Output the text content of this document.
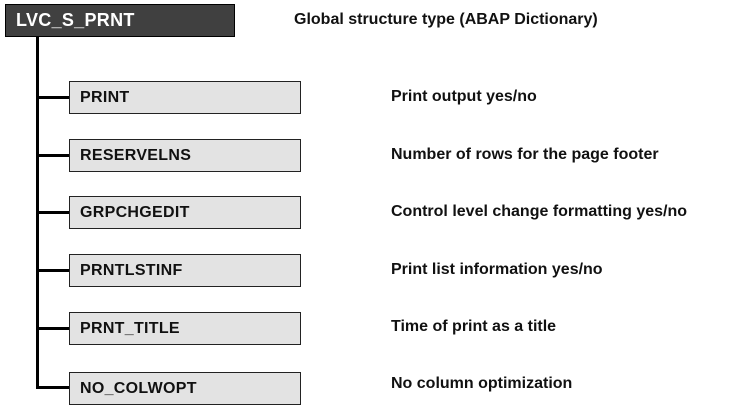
LVC_S_PRNT	Global structure type (ABAP Dictionary)
PRINT	Print output yes/no
RESERVELNS	Number of rows for the page footer
GRPCHGEDIT	Control level change formatting yes/no
PRNTLSTINF	Print list information yes/no
PRNT_TITLE	Time of print as a title
NO_COLWOPT	No column optimization
